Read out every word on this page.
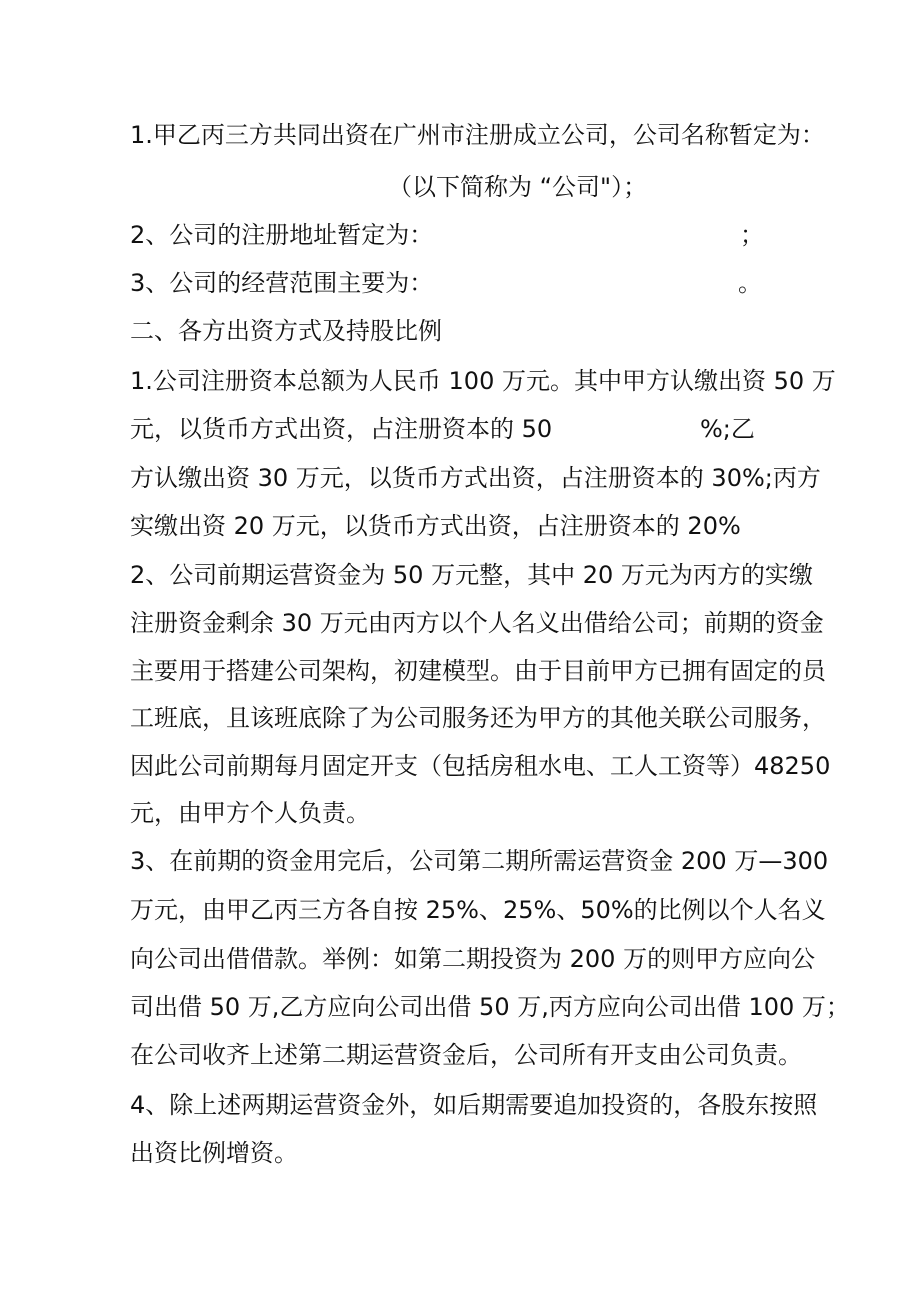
1.甲乙丙三方共同出资在广州市注册成立公司，公司名称暂定为：
（以下简称为 “公司"）；
2、公司的注册地址暂定为：	；
3、公司的经营范围主要为：	。
二、各方出资方式及持股比例
1.公司注册资本总额为人民币 100 万元。其中甲方认缴出资 50 万
元，以货币方式出资，占注册资本的 50	%;乙
方认缴出资 30 万元，以货币方式出资，占注册资本的 30%;丙方
实缴出资 20 万元，以货币方式出资，占注册资本的 20%
2、公司前期运营资金为 50 万元整，其中 20 万元为丙方的实缴
注册资金剩余 30 万元由丙方以个人名义出借给公司；前期的资金
主要用于搭建公司架构，初建模型。由于目前甲方已拥有固定的员
工班底，且该班底除了为公司服务还为甲方的其他关联公司服务，
因此公司前期每月固定开支（包括房租水电、工人工资等）48250
元，由甲方个人负责。
3、在前期的资金用完后，公司第二期所需运营资金 200 万—300
万元，由甲乙丙三方各自按 25%、25%、50%的比例以个人名义
向公司出借借款。举例：如第二期投资为 200 万的则甲方应向公
司出借 50 万,乙方应向公司出借 50 万,丙方应向公司出借 100 万；
在公司收齐上述第二期运营资金后，公司所有开支由公司负责。
4、除上述两期运营资金外，如后期需要追加投资的，各股东按照
出资比例增资。
